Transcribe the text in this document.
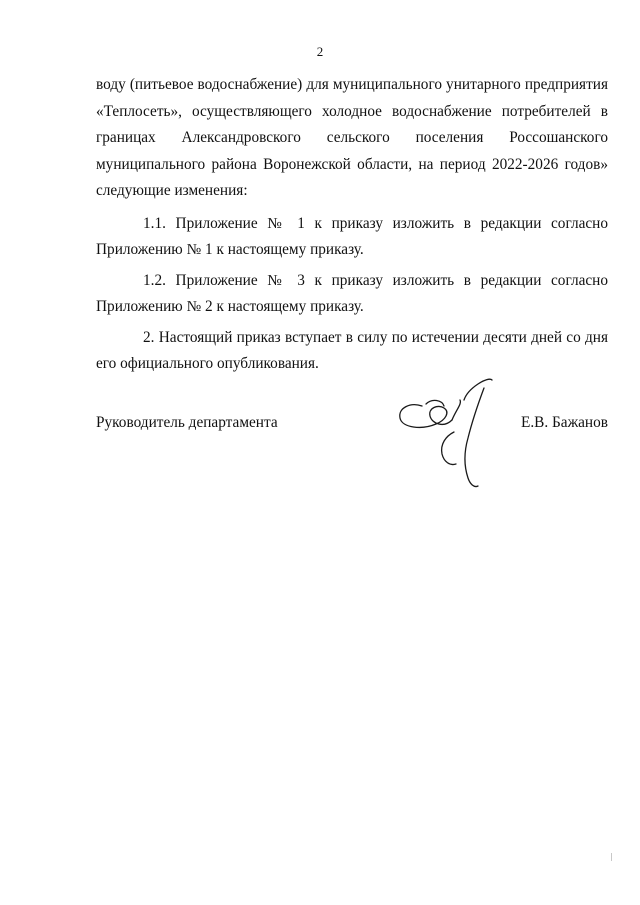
2

воду (питьевое водоснабжение) для муниципального унитарного предприятия
«Теплосеть», осуществляющего холодное водоснабжение потребителей в
границах Александровского сельского поселения Россошанского
муниципального района Воронежской области, на период 2022-2026 годов»
следующие изменения:

1.1. Приложение № 1 к приказу изложить в редакции согласно
Приложению № 1 к настоящему приказу.

1.2. Приложение № 3 к приказу изложить в редакции согласно
Приложению № 2 к настоящему приказу.

2. Настоящий приказ вступает в силу по истечении десяти дней со дня
его официального опубликования.

Руководитель департамента	Е.В. Бажанов
